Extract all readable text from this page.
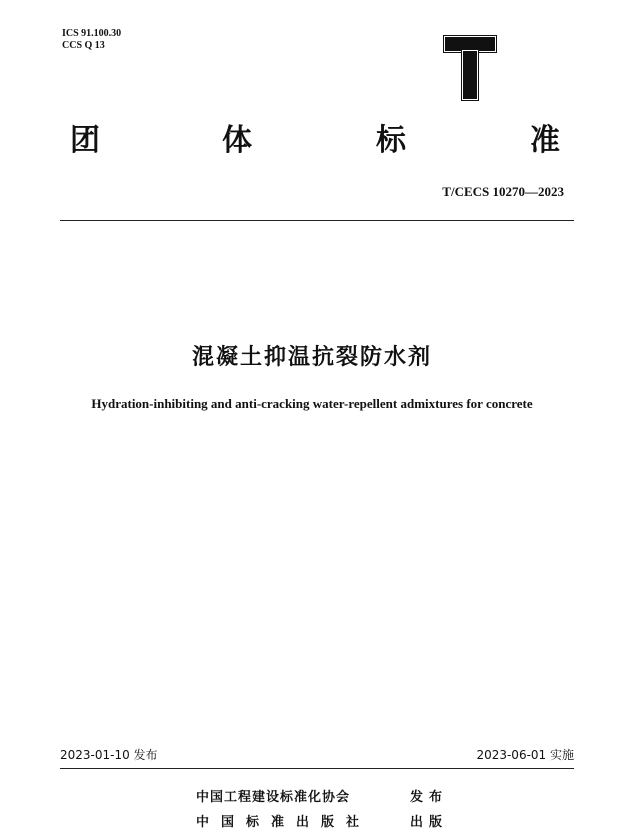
ICS 91.100.30
CCS Q 13
团	体	标	准
T/CECS 10270—2023
混凝土抑温抗裂防水剂
Hydration-inhibiting and anti-cracking water-repellent admixtures for concrete
2023-01-10 发布	2023-06-01 实施
中国工程建设标准化协会	发布
中国标准出版社	出版
